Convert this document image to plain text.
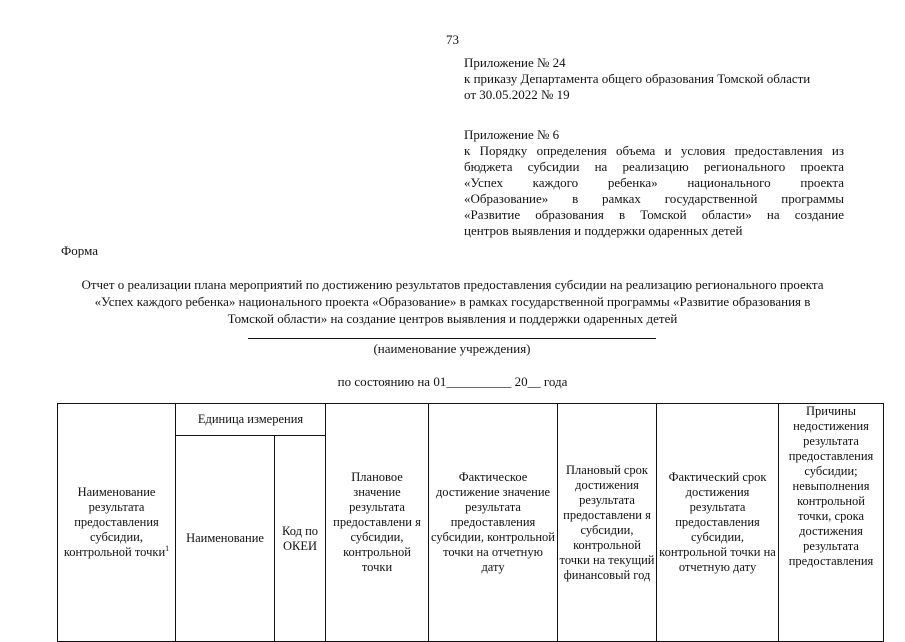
73
Приложение № 24
к приказу Департамента общего образования Томской области
от 30.05.2022 № 19
Приложение № 6
к Порядку определения объема и условия предоставления из
бюджета субсидии на реализацию регионального проекта
«Успех каждого ребенка» национального проекта
«Образование» в рамках государственной программы
«Развитие образования в Томской области» на создание
центров выявления и поддержки одаренных детей
Форма
Отчет о реализации плана мероприятий по достижению результатов предоставления субсидии на реализацию регионального проекта «Успех каждого ребенка» национального проекта «Образование» в рамках государственной программы «Развитие образования в Томской области» на создание центров выявления и поддержки одаренных детей
(наименование учреждения)
по состоянию на 01__________ 20__ года
Наименование результата предоставления субсидии, контрольной точки$^1$	Единица измерения		Плановое значение результата предоставлени я субсидии, контрольной точки	Фактическое достижение значение результата предоставления субсидии, контрольной точки на отчетную дату	Плановый срок достижения результата предоставлени я субсидии, контрольной точки на текущий финансовый год	Фактический срок достижения результата предоставления субсидии, контрольной точки на отчетную дату	Причины недостижения результата предоставления субсидии; невыполнения контрольной точки, срока достижения результата предоставления

	Наименование	Код по ОКЕИ					
